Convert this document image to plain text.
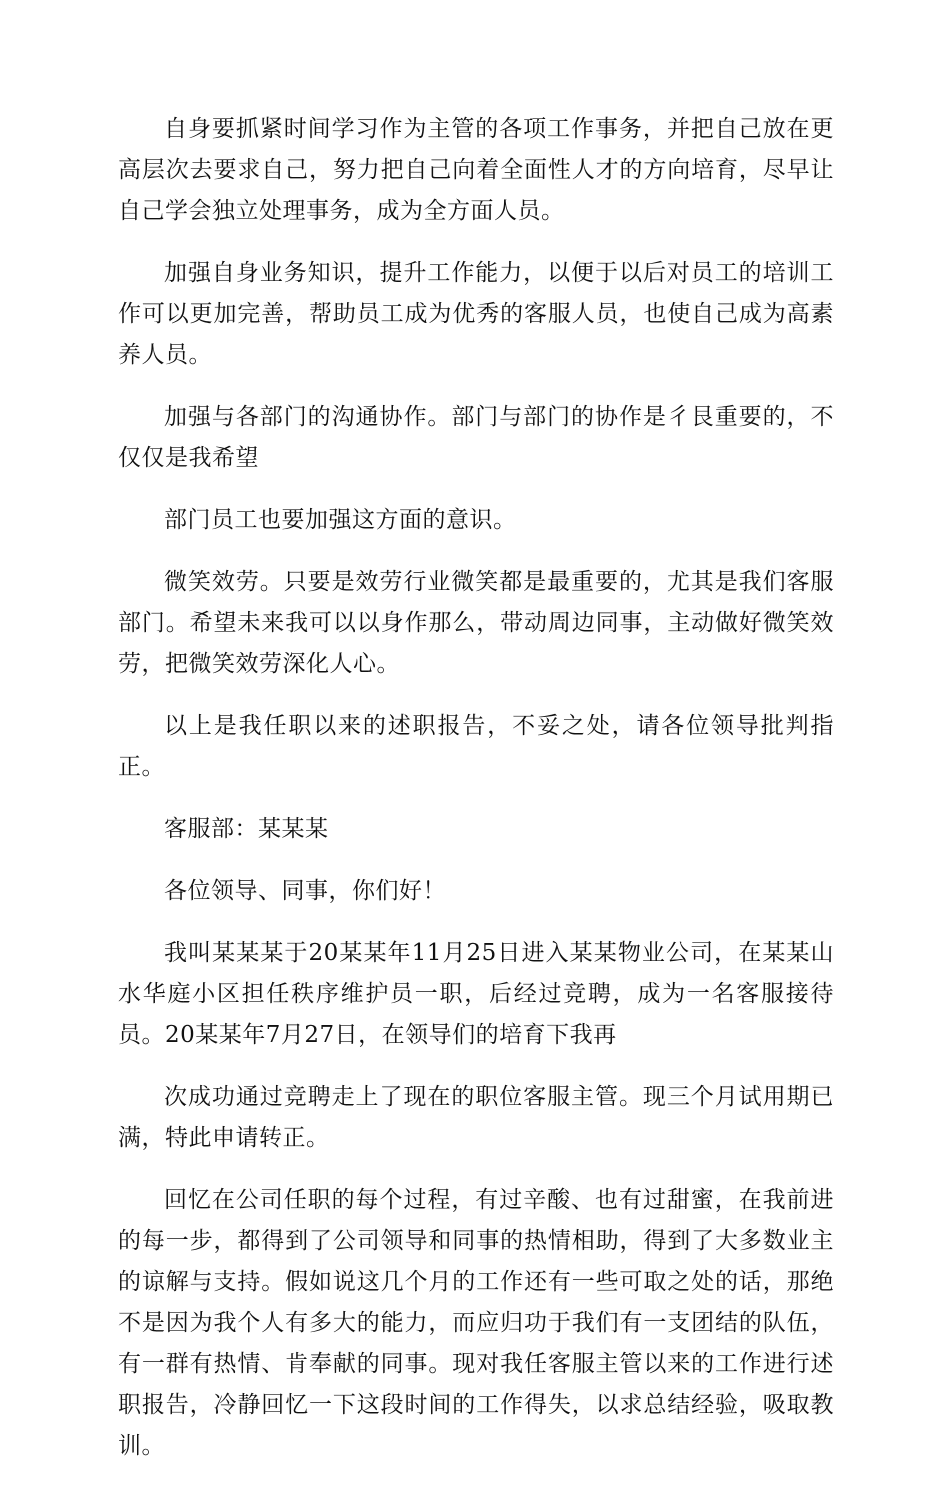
自身要抓紧时间学习作为主管的各项工作事务，并把自己放在更高层次去要求自己，努力把自己向着全面性人才的方向培育，尽早让自己学会独立处理事务，成为全方面人员。

加强自身业务知识，提升工作能力，以便于以后对员工的培训工作可以更加完善，帮助员工成为优秀的客服人员，也使自己成为高素养人员。

加强与各部门的沟通协作。部门与部门的协作是彳艮重要的，不仅仅是我希望

部门员工也要加强这方面的意识。

微笑效劳。只要是效劳行业微笑都是最重要的，尤其是我们客服部门。希望未来我可以以身作那么，带动周边同事，主动做好微笑效劳，把微笑效劳深化人心。

以上是我任职以来的述职报告，不妥之处，请各位领导批判指正。

客服部：某某某

各位领导、同事，你们好！

我叫某某某于20某某年11月25日进入某某物业公司，在某某山水华庭小区担任秩序维护员一职，后经过竞聘，成为一名客服接待员。20某某年7月27日，在领导们的培育下我再

次成功通过竞聘走上了现在的职位客服主管。现三个月试用期已满，特此申请转正。

回忆在公司任职的每个过程，有过辛酸、也有过甜蜜，在我前进的每一步，都得到了公司领导和同事的热情相助，得到了大多数业主的谅解与支持。假如说这几个月的工作还有一些可取之处的话，那绝不是因为我个人有多大的能力，而应归功于我们有一支团结的队伍，有一群有热情、肯奉献的同事。现对我任客服主管以来的工作进行述职报告，冷静回忆一下这段时间的工作得失，以求总结经验，吸取教训。
